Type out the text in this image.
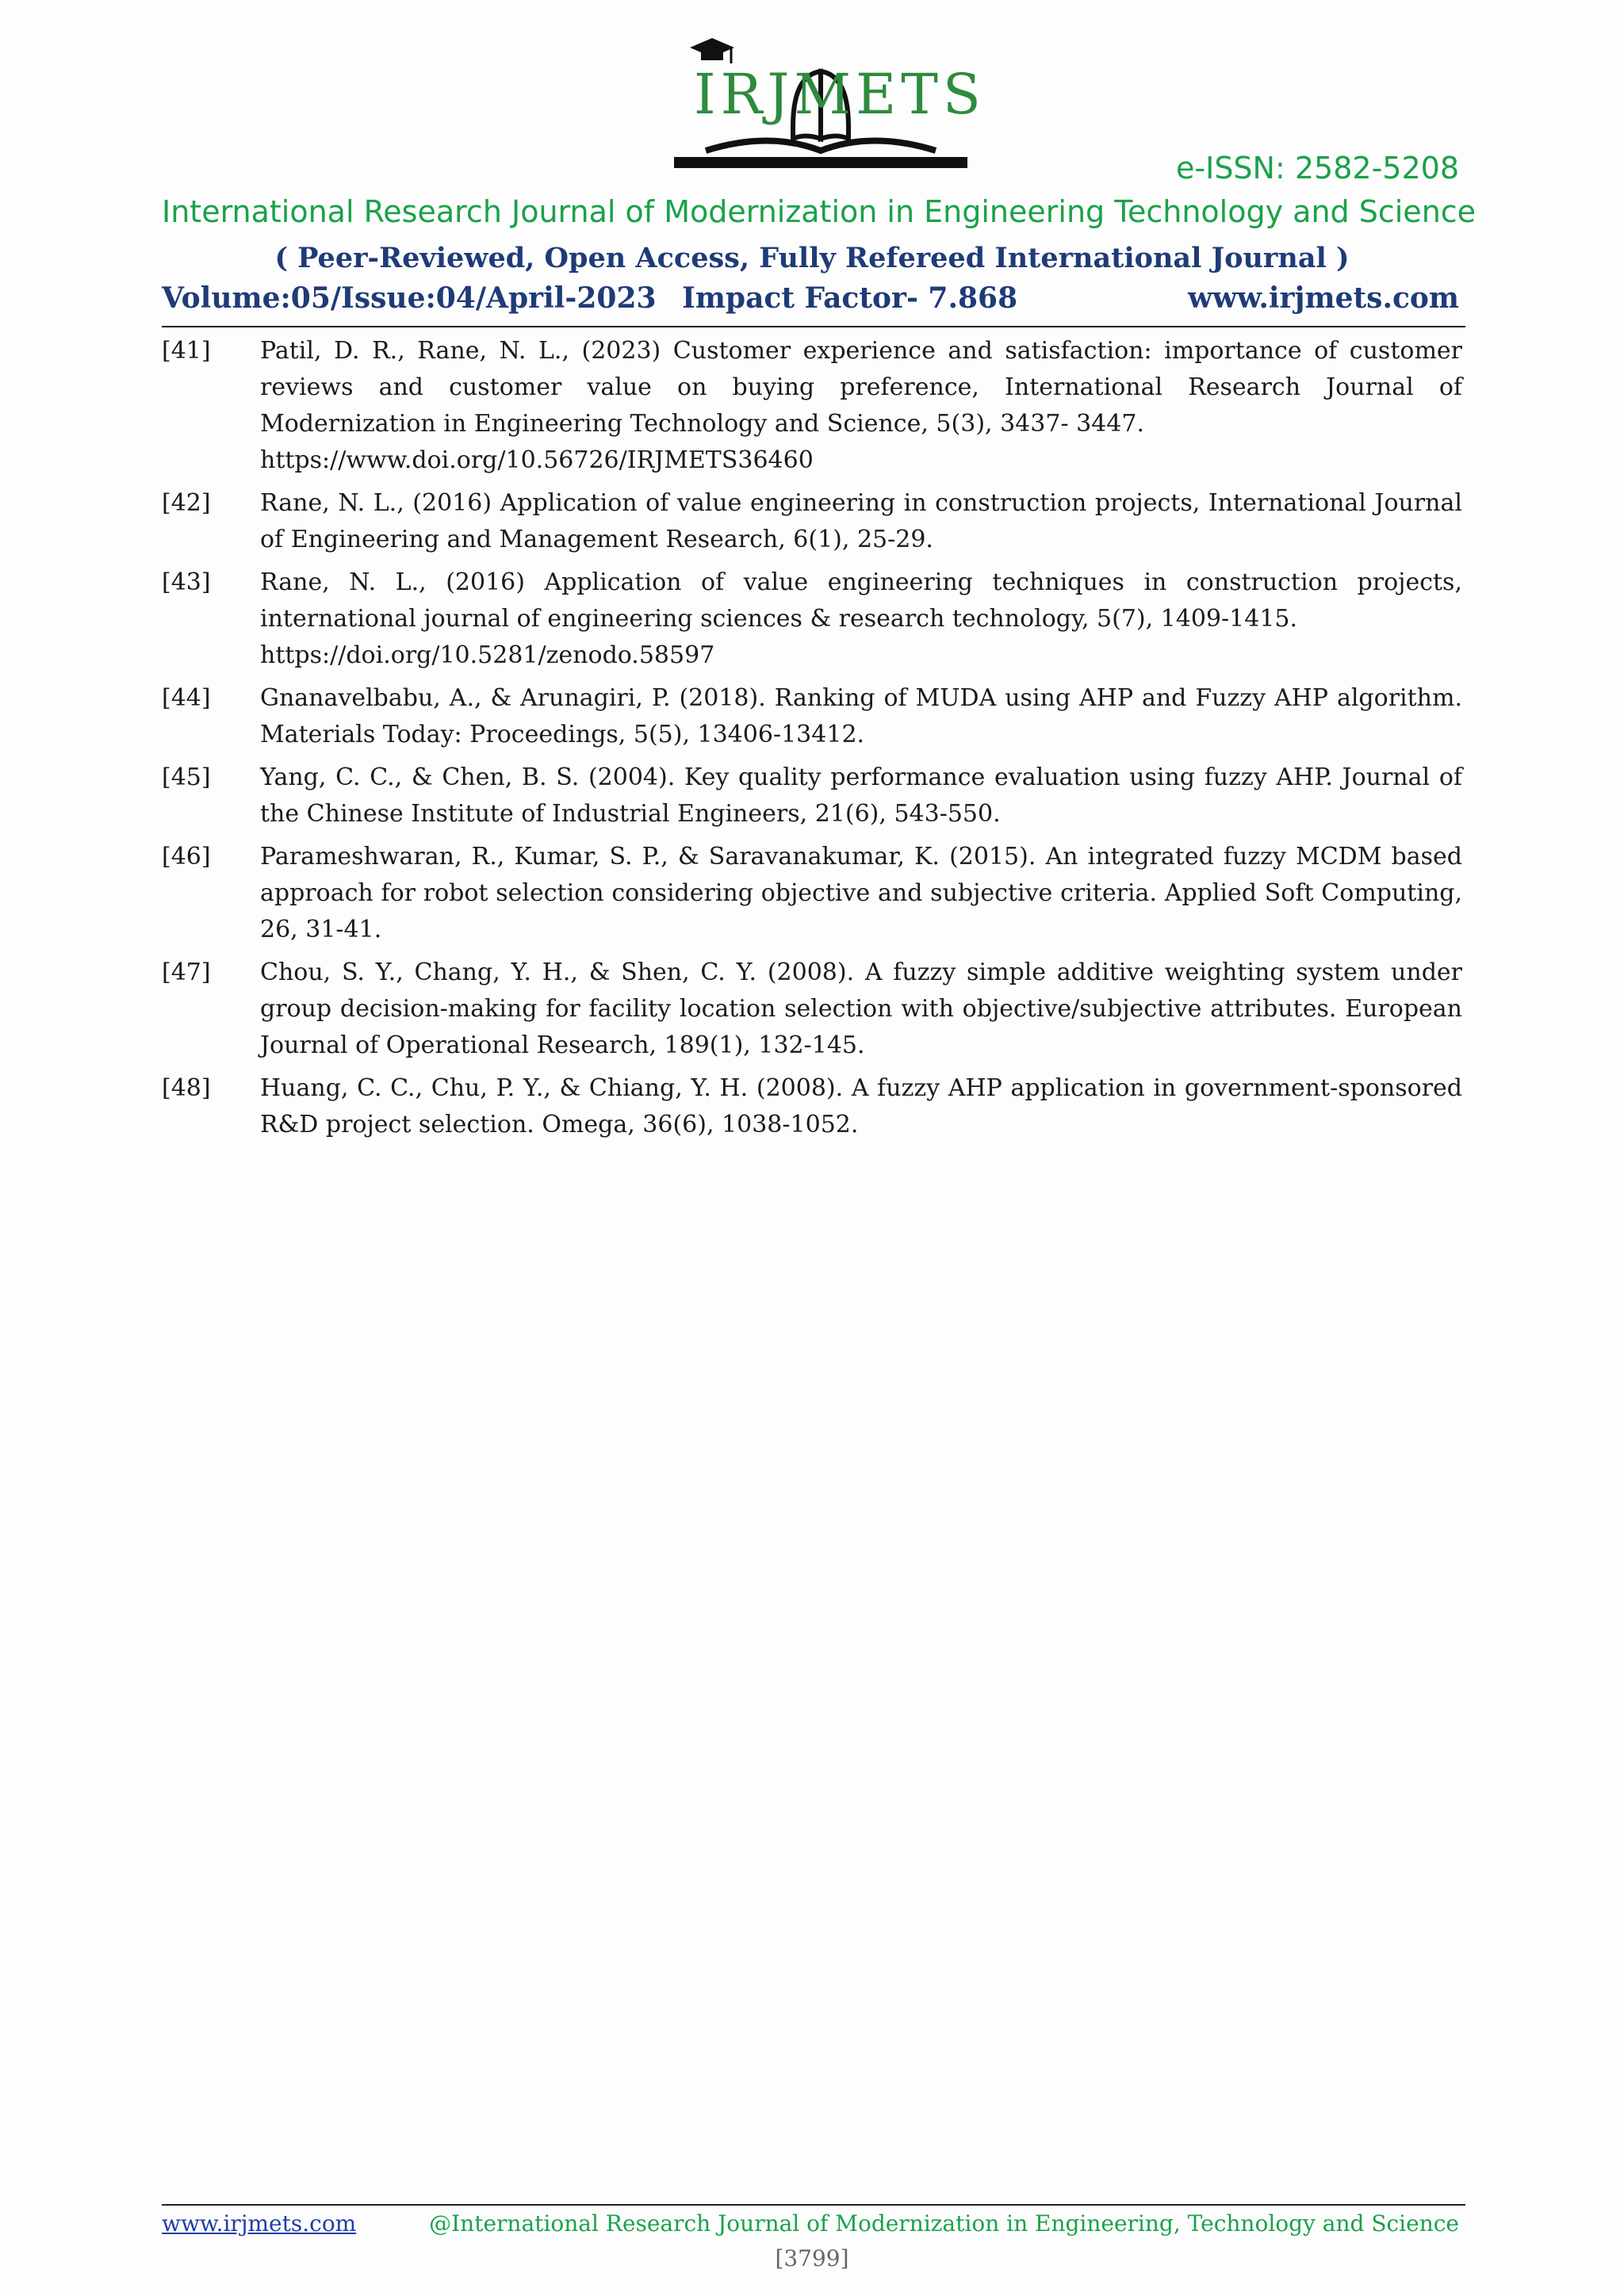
IRJMETS
e-ISSN: 2582-5208
International Research Journal of Modernization in Engineering Technology and Science
( Peer-Reviewed, Open Access, Fully Refereed International Journal )
Volume:05/Issue:04/April-2023 Impact Factor- 7.868	www.irjmets.com
[41]	Patil, D. R., Rane, N. L., (2023) Customer experience and satisfaction: importance of customer reviews and customer value on buying preference, International Research Journal of Modernization in Engineering Technology and Science, 5(3), 3437- 3447.
https://www.doi.org/10.56726/IRJMETS36460
[42]	Rane, N. L., (2016) Application of value engineering in construction projects, International Journal of Engineering and Management Research, 6(1), 25-29.
[43]	Rane, N. L., (2016) Application of value engineering techniques in construction projects, international journal of engineering sciences & research technology, 5(7), 1409-1415.
https://doi.org/10.5281/zenodo.58597
[44]	Gnanavelbabu, A., & Arunagiri, P. (2018). Ranking of MUDA using AHP and Fuzzy AHP algorithm. Materials Today: Proceedings, 5(5), 13406-13412.
[45]	Yang, C. C., & Chen, B. S. (2004). Key quality performance evaluation using fuzzy AHP. Journal of the Chinese Institute of Industrial Engineers, 21(6), 543-550.
[46]	Parameshwaran, R., Kumar, S. P., & Saravanakumar, K. (2015). An integrated fuzzy MCDM based approach for robot selection considering objective and subjective criteria. Applied Soft Computing, 26, 31-41.
[47]	Chou, S. Y., Chang, Y. H., & Shen, C. Y. (2008). A fuzzy simple additive weighting system under group decision-making for facility location selection with objective/subjective attributes. European Journal of Operational Research, 189(1), 132-145.
[48]	Huang, C. C., Chu, P. Y., & Chiang, Y. H. (2008). A fuzzy AHP application in government-sponsored R&D project selection. Omega, 36(6), 1038-1052.
www.irjmets.com	@International Research Journal of Modernization in Engineering, Technology and Science
[3799]
